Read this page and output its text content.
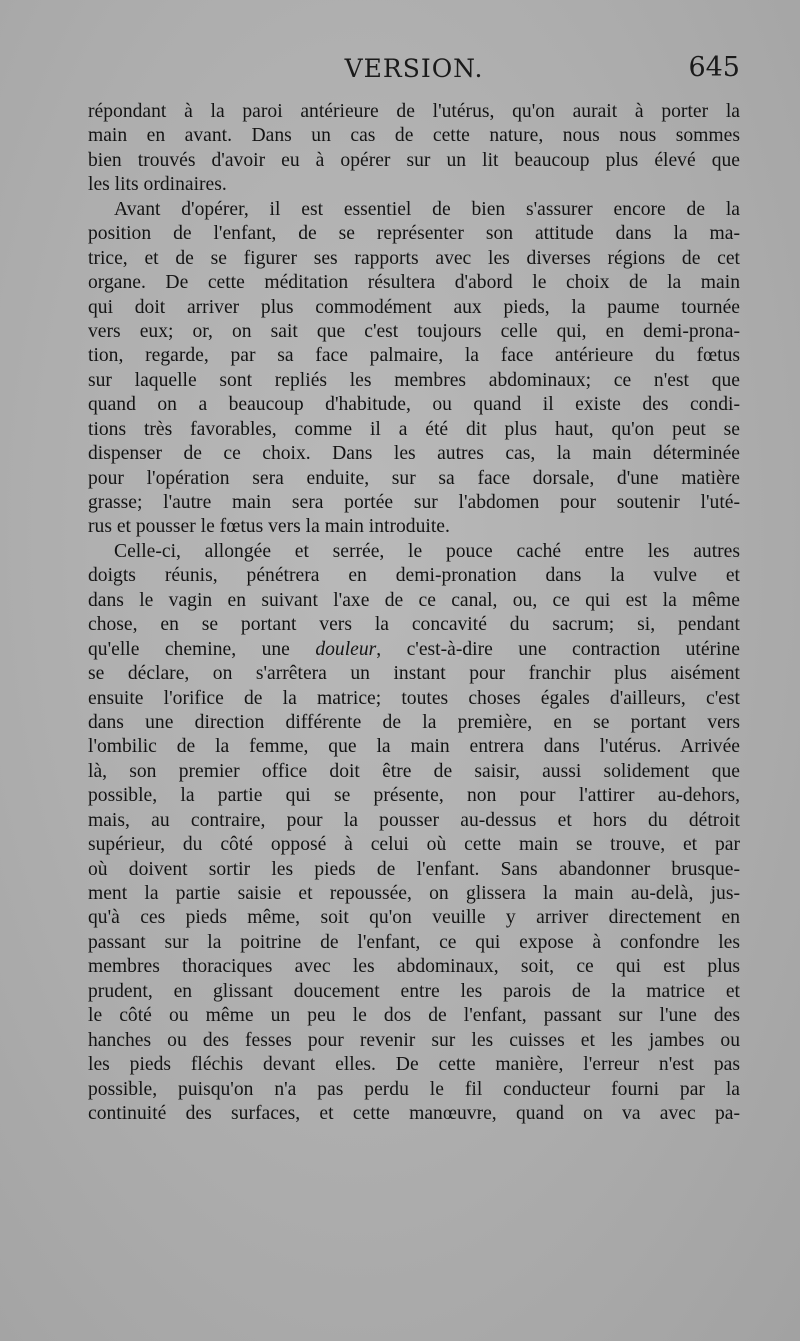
VERSION.	645
répondant à la paroi antérieure de l'utérus, qu'on aurait à porter la
main en avant. Dans un cas de cette nature, nous nous sommes
bien trouvés d'avoir eu à opérer sur un lit beaucoup plus élevé que
les lits ordinaires.
Avant d'opérer, il est essentiel de bien s'assurer encore de la
position de l'enfant, de se représenter son attitude dans la ma-
trice, et de se figurer ses rapports avec les diverses régions de cet
organe. De cette méditation résultera d'abord le choix de la main
qui doit arriver plus commodément aux pieds, la paume tournée
vers eux; or, on sait que c'est toujours celle qui, en demi-prona-
tion, regarde, par sa face palmaire, la face antérieure du fœtus
sur laquelle sont repliés les membres abdominaux; ce n'est que
quand on a beaucoup d'habitude, ou quand il existe des condi-
tions très favorables, comme il a été dit plus haut, qu'on peut se
dispenser de ce choix. Dans les autres cas, la main déterminée
pour l'opération sera enduite, sur sa face dorsale, d'une matière
grasse; l'autre main sera portée sur l'abdomen pour soutenir l'uté-
rus et pousser le fœtus vers la main introduite.
Celle-ci, allongée et serrée, le pouce caché entre les autres
doigts réunis, pénétrera en demi-pronation dans la vulve et
dans le vagin en suivant l'axe de ce canal, ou, ce qui est la même
chose, en se portant vers la concavité du sacrum; si, pendant
qu'elle chemine, une douleur, c'est-à-dire une contraction utérine
se déclare, on s'arrêtera un instant pour franchir plus aisément
ensuite l'orifice de la matrice; toutes choses égales d'ailleurs, c'est
dans une direction différente de la première, en se portant vers
l'ombilic de la femme, que la main entrera dans l'utérus. Arrivée
là, son premier office doit être de saisir, aussi solidement que
possible, la partie qui se présente, non pour l'attirer au-dehors,
mais, au contraire, pour la pousser au-dessus et hors du détroit
supérieur, du côté opposé à celui où cette main se trouve, et par
où doivent sortir les pieds de l'enfant. Sans abandonner brusque-
ment la partie saisie et repoussée, on glissera la main au-delà, jus-
qu'à ces pieds même, soit qu'on veuille y arriver directement en
passant sur la poitrine de l'enfant, ce qui expose à confondre les
membres thoraciques avec les abdominaux, soit, ce qui est plus
prudent, en glissant doucement entre les parois de la matrice et
le côté ou même un peu le dos de l'enfant, passant sur l'une des
hanches ou des fesses pour revenir sur les cuisses et les jambes ou
les pieds fléchis devant elles. De cette manière, l'erreur n'est pas
possible, puisqu'on n'a pas perdu le fil conducteur fourni par la
continuité des surfaces, et cette manœuvre, quand on va avec pa-
